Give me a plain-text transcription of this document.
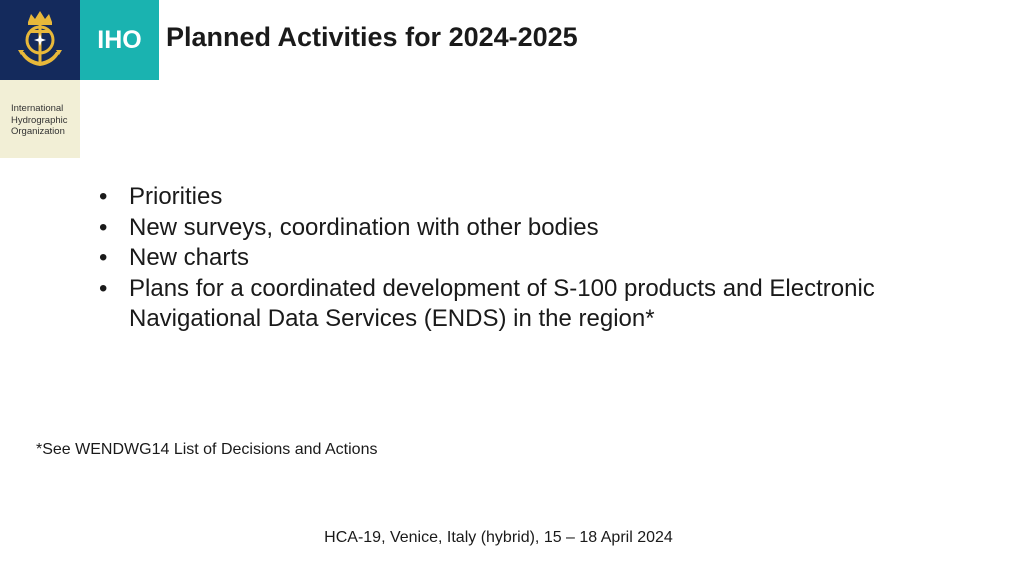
IHO
International
Hydrographic
Organization
Planned Activities for 2024-2025
• Priorities
• New surveys, coordination with other bodies
• New charts
• Plans for a coordinated development of S-100 products and Electronic Navigational Data Services (ENDS) in the region*
*See WENDWG14 List of Decisions and Actions
HCA-19, Venice, Italy (hybrid), 15 – 18 April 2024
